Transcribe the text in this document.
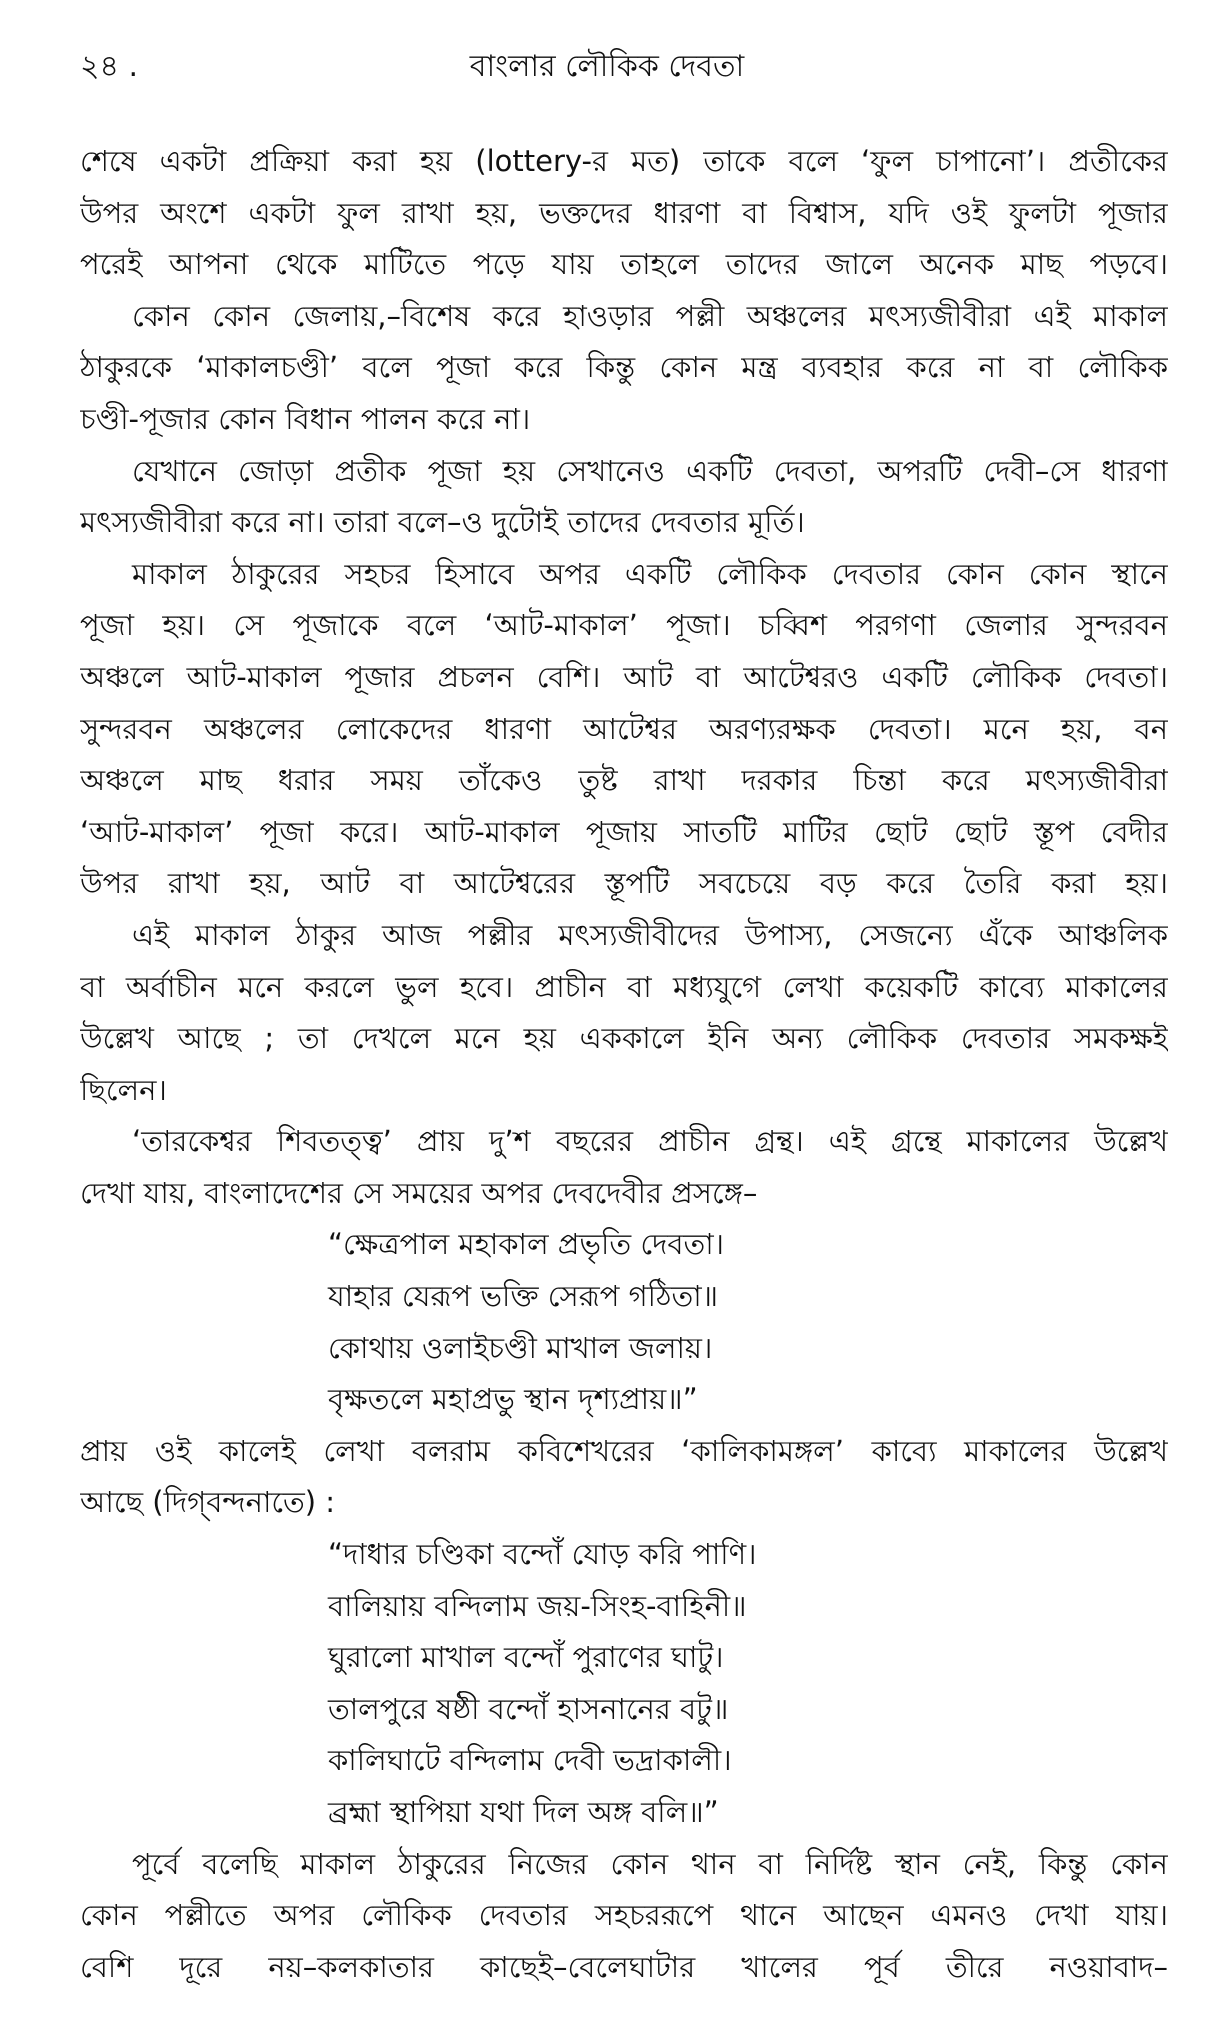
২৪ .	বাংলার লৌকিক দেবতা
শেষে একটা প্রক্রিয়া করা হয় (lottery-র মত) তাকে বলে ‘ফুল চাপানো’। প্রতীকের
উপর অংশে একটা ফুল রাখা হয়, ভক্তদের ধারণা বা বিশ্বাস, যদি ওই ফুলটা পূজার
পরেই আপনা থেকে মাটিতে পড়ে যায় তাহলে তাদের জালে অনেক মাছ পড়বে।
কোন কোন জেলায়,–বিশেষ করে হাওড়ার পল্লী অঞ্চলের মৎস্যজীবীরা এই মাকাল
ঠাকুরকে ‘মাকালচণ্ডী’ বলে পূজা করে কিন্তু কোন মন্ত্র ব্যবহার করে না বা লৌকিক
চণ্ডী-পূজার কোন বিধান পালন করে না।
যেখানে জোড়া প্রতীক পূজা হয় সেখানেও একটি দেবতা, অপরটি দেবী–সে ধারণা
মৎস্যজীবীরা করে না। তারা বলে–ও দুটোই তাদের দেবতার মূর্তি।
মাকাল ঠাকুরের সহচর হিসাবে অপর একটি লৌকিক দেবতার কোন কোন স্থানে
পূজা হয়। সে পূজাকে বলে ‘আট-মাকাল’ পূজা। চব্বিশ পরগণা জেলার সুন্দরবন
অঞ্চলে আট-মাকাল পূজার প্রচলন বেশি। আট বা আটেশ্বরও একটি লৌকিক দেবতা।
সুন্দরবন অঞ্চলের লোকেদের ধারণা আটেশ্বর অরণ্যরক্ষক দেবতা। মনে হয়, বন
অঞ্চলে মাছ ধরার সময় তাঁকেও তুষ্ট রাখা দরকার চিন্তা করে মৎস্যজীবীরা
‘আট-মাকাল’ পূজা করে। আট-মাকাল পূজায় সাতটি মাটির ছোট ছোট স্তূপ বেদীর
উপর রাখা হয়, আট বা আটেশ্বরের স্তূপটি সবচেয়ে বড় করে তৈরি করা হয়।
এই মাকাল ঠাকুর আজ পল্লীর মৎস্যজীবীদের উপাস্য, সেজন্যে এঁকে আঞ্চলিক
বা অর্বাচীন মনে করলে ভুল হবে। প্রাচীন বা মধ্যযুগে লেখা কয়েকটি কাব্যে মাকালের
উল্লেখ আছে ; তা দেখলে মনে হয় এককালে ইনি অন্য লৌকিক দেবতার সমকক্ষই
ছিলেন।
‘তারকেশ্বর শিবতত্ত্ব’ প্রায় দু’শ বছরের প্রাচীন গ্রন্থ। এই গ্রন্থে মাকালের উল্লেখ
দেখা যায়, বাংলাদেশের সে সময়ের অপর দেবদেবীর প্রসঙ্গে–
“ক্ষেত্রপাল মহাকাল প্রভৃতি দেবতা।
যাহার যেরূপ ভক্তি সেরূপ গঠিতা॥
কোথায় ওলাইচণ্ডী মাখাল জলায়।
বৃক্ষতলে মহাপ্রভু স্থান দৃশ্যপ্রায়॥”
প্রায় ওই কালেই লেখা বলরাম কবিশেখরের ‘কালিকামঙ্গল’ কাব্যে মাকালের উল্লেখ
আছে (দিগ্‌বন্দনাতে) :
“দাধার চণ্ডিকা বন্দোঁ যোড় করি পাণি।
বালিয়ায় বন্দিলাম জয়-সিংহ-বাহিনী॥
ঘুরালো মাখাল বন্দোঁ পুরাণের ঘাটু।
তালপুরে ষষ্ঠী বন্দোঁ হাসনানের বটু॥
কালিঘাটে বন্দিলাম দেবী ভদ্রাকালী।
ব্রহ্মা স্থাপিয়া যথা দিল অঙ্গ বলি॥”
পূর্বে বলেছি মাকাল ঠাকুরের নিজের কোন থান বা নির্দিষ্ট স্থান নেই, কিন্তু কোন
কোন পল্লীতে অপর লৌকিক দেবতার সহচররূপে থানে আছেন এমনও দেখা যায়।
বেশি দূরে নয়–কলকাতার কাছেই–বেলেঘাটার খালের পূর্ব তীরে নওয়াবাদ–
